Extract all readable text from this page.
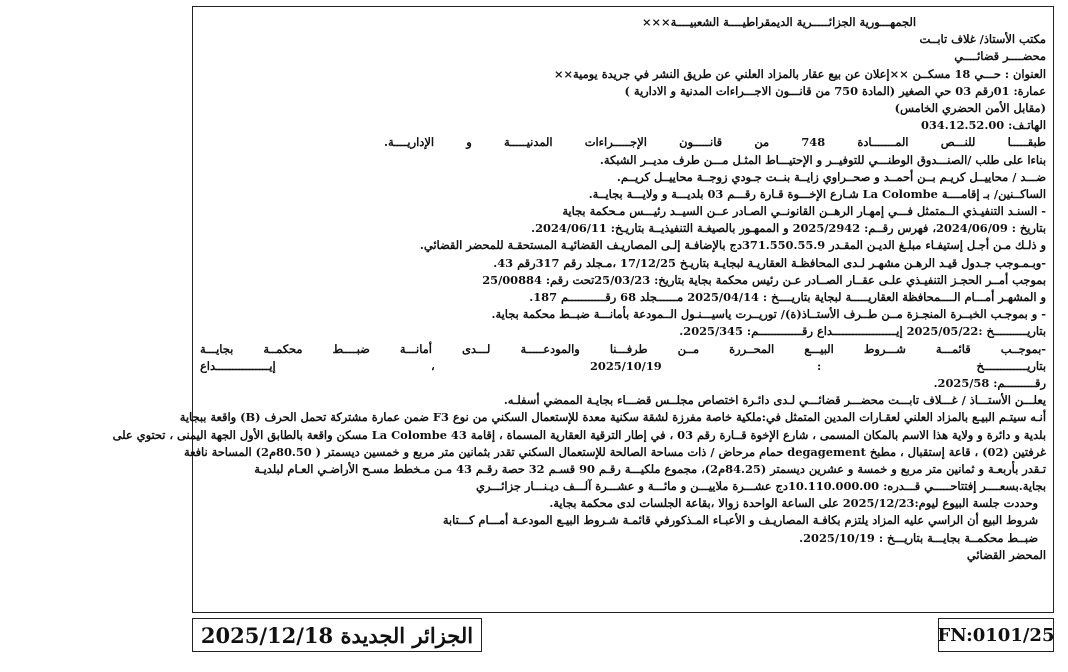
الجمهـــورية الجزائـــــرية الديمقراطيــــة الشعبيــــة×××
مكتب الأستاذ/ غلاف تابــت
محضــــر قضائــــي
العنوان : حـــي 18 مسكــن ××إعلان عن بيع عقار بالمزاد العلني عن طريق النشر في جريدة يومية××
عمارة: 01رقم 03 حي الصغير (المادة 750 من قانـــون الاجـــراءات المدنية و الادارية )
(مقابل الأمن الحضري الخامس)
الهاتـف: 034.12.52.00
طبقـــــا للنـــص المـــــــادة 748 من قانـــــون الإجـــــراءات المدنيـــــة و الإداريــــة.
بناءا على طلب /الصنـــدوق الوطنـــي للتوفيــر و الإحتيـــاط المثـل مـــن طرف مديــر الشبكة.
ضـــد / محاييــل كريـم بــن أحمــد و صحــراوي زايــة بنــت جـودي زوجــة محاييــل كريــم.
الساكــنين/ بـ إقامــــة La Colombe شـارع الإخـــوة قـارة رقـــم 03 بلديـــة و ولايـــة بجايــة.
- السنـد التنفيـذي الــمتمثل فـــي إمهـار الرهــن القانونــي الصـادر عــن السيــد رئيـــس مـحكمة بجاية
بتاريخ : 2024/06/09، فهرس رقــم: 2025/2942 و الممهـور بالصيغـة التنفيذيــة بتاريـخ: 2024/06/11.
و ذلـك مـن أجـل إستيفـاء مبلـغ الديـن المقـدر 371.550.55.9دج بالإضافـة إلـى المصاريـف القضائيـة المستحقـة للمحضر القضائي.
-وبـمـوجب جـدول قيـد الرهـن مشهـر لـدى المحافظـة العقاريـة لبجايـة بتاريـخ 17/12/25 ،مـجلد رقم 317رقم 43.
بموجب أمــر الحجـز التنفيـذي علـى عقــار الصــادر عـن رئيس محكمة بجاية بتاريخ: 25/03/23تحت رقم: 25/00884
و المشهـر أمـــام الــــمحافظة العقاريـــــة لبجاية بتاريــــخ : 2025/04/14 مــــــجلد 68 رقـــــــــــم 187.
- و بموجـب الخبــرة المنجـزة مــن طــرف الأستــاذ(ة)/ توريــرت ياسيـــنـول الــمودعة بأمانـــة ضبــط محكمة بجاية.
بتاريــــــــــخ :2025/05/22 إيـــــــــــــــــــداع رقـــــــــــــم: 2025/345.
-بموجــب قائمـــة شـــروط البيـــع المحــررة مــن طرفـــنا والمودعـــــة لـــدى أمانـــة ضبــــط محكمــة بجايـــة
بتاريـــــــــــــخ : 2025/10/19 ، إيــــــــــــــــداع
رقـــــــــم: 2025/58.
يعلـــن الأستـــاذ / غـــلاف تابـــت محضـــر قضائـــي لـدى دائـرة اختصاص مجلــس قضـــاء بجايـة الممضي أسفلـه.
أنـه سيتـم البيـع بالمزاد العلني لعقـارات المدين المتمثل في:ملكية خاصة مفرزة لشقة سكنية معدة للإستعمال السكني من نوع F3 ضمن عمارة مشتركة تحمل الحرف (B) واقعة ببجاية
بلدية و دائرة و ولاية هذا الاسم بالمكان المسمى ، شارع الإخوة قــارة رقم 03 ، في إطار الترقية العقارية المسماة ، إقامة La Colombe 43 مسكن واقعة بالطابق الأول الجهة اليمنى ، تحتوي على
غرفتين (02) ، قاعة إستقبال ، مطبخ degagement حمام مرحاض / ذات مساحة الصالحة للإستعمال السكني تقدر بثمانين متر مربع و خمسين ديسمتر ( 80.50م2) المساحة نافعة
تـقدر بأربعـة و ثمانين متر مربع و خمسة و عشرين ديسمتر (84.25م2)، مجموع ملكيـــة رقـم 90 قسـم 32 حصة رقـم 43 مـن مـخطط مسـح الأراضـي العـام لبلديـة
بجاية.بسعــــر إفتتاحـــــي قـــدره: 10.110.000.00دج عشـــرة ملاييـــن و مائـــة و عشـــرة آلـــف ديـنـــار جزائـــري
وحددت جلسة البيوع ليوم:2025/12/23 على الساعة الواحدة زوالا ،بقاعة الجلسات لدى محكمة بجاية.
شروط البيع أن الراسي عليه المزاد يلتزم بكافـة المصاريـف و الأعبـاء المـذكورفي قائمـة شـروط البيـع المودعـة أمـــام كـــتابة
ضبــط محكمــة بجايـــة بتاريـــخ : 2025/10/19.
المحضر القضائي
الجزائر الجديدة 2025/12/18	FN:0101/25
